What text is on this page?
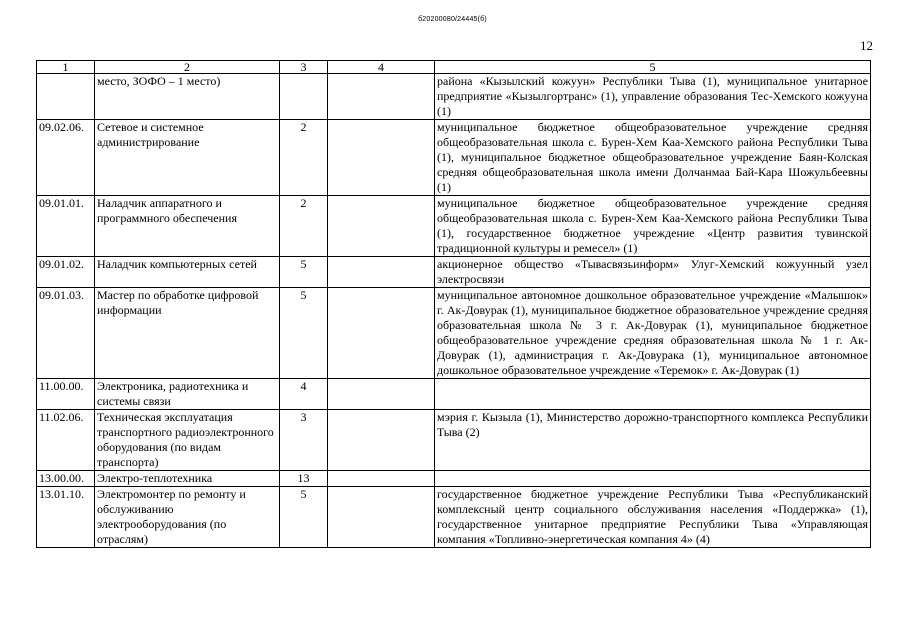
б20200080/24445(б)
12
1	2	3	4	5
	место, ЗОФО – 1 место)			района «Кызылский кожуун» Республики Тыва (1), муниципальное унитарное предприятие «Кызылгортранс» (1), управление образования Тес-Хемского кожууна (1)
09.02.06.	Сетевое и системное администрирование	2		муниципальное бюджетное общеобразовательное учреждение средняя общеобразовательная школа с. Бурен-Хем Каа-Хемского района Республики Тыва (1), муниципальное бюджетное общеобразовательное учреждение Баян-Колская средняя общеобразовательная школа имени Долчанмаа Бай-Кара Шожульбеевны (1)
09.01.01.	Наладчик аппаратного и программного обеспечения	2		муниципальное бюджетное общеобразовательное учреждение средняя общеобразовательная школа с. Бурен-Хем Каа-Хемского района Республики Тыва (1), государственное бюджетное учреждение «Центр развития тувинской традиционной культуры и ремесел» (1)
09.01.02.	Наладчик компьютерных сетей	5		акционерное общество «Тывасвязьинформ» Улуг-Хемский кожуунный узел электросвязи
09.01.03.	Мастер по обработке цифровой информации	5		муниципальное автономное дошкольное образовательное учреждение «Малышок» г. Ак-Довурак (1), муниципальное бюджетное образовательное учреждение средняя образовательная школа № 3 г. Ак-Довурак (1), муниципальное бюджетное общеобразовательное учреждение средняя образовательная школа № 1 г. Ак-Довурак (1), администрация г. Ак-Довурака (1), муниципальное автономное дошкольное образовательное учреждение «Теремок» г. Ак-Довурак (1)
11.00.00.	Электроника, радиотехника и системы связи	4		
11.02.06.	Техническая эксплуатация транспортного радиоэлектронного оборудования (по видам транспорта)	3		мэрия г. Кызыла (1), Министерство дорожно-транспортного комплекса Республики Тыва (2)
13.00.00.	Электро-теплотехника	13		
13.01.10.	Электромонтер по ремонту и обслуживанию электрооборудования (по отраслям)	5		государственное бюджетное учреждение Республики Тыва «Республиканский комплексный центр социального обслуживания населения «Поддержка» (1), государственное унитарное предприятие Республики Тыва «Управляющая компания «Топливно-энергетическая компания 4» (4)
